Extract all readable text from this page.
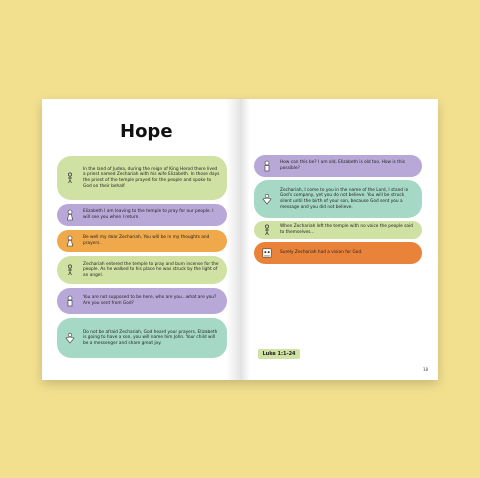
Hope
In the land of Judea, during the reign of King Herod there lived a priest named Zechariah with his wife Elizabeth. In those days the priest of the temple prayed for the people and spoke to God on their behalf.
Elizabeth I am leaving to the temple to pray for our people. I will see you when I return.
Be well my dear Zechariah. You will be in my thoughts and prayers.
Zechariah entered the temple to pray and burn incense for the people. As he walked to his place he was struck by the light of an angel.
You are not supposed to be here, who are you...what are you? Are you sent from God?
Do not be afraid Zechariah, God heard your prayers, Elizabeth is going to have a son, you will name him John. Your child will be a messenger and share great joy.
How can this be? I am old, Elizabeth is old too. How is this possible?
Zechariah, I come to you in the name of the Lord, I stand in God's company, yet you do not believe. You will be struck silent until the birth of your son, because God sent you a message and you did not believe.
When Zechariah left the temple with no voice the people said to themselves...
Surely Zechariah had a vision for God.
Luke 1:1-24
18
